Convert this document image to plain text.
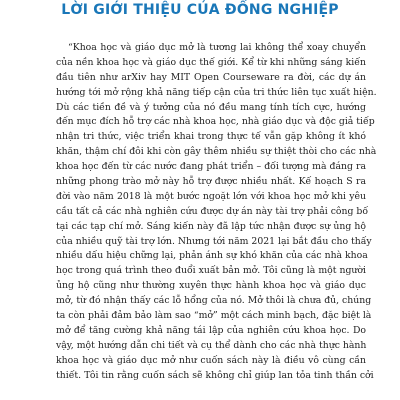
LỜI GIỚI THIỆU CỦA ĐỒNG NGHIỆP
“Khoa học và giáo dục mở là tương lai không thể xoay chuyển
của nền khoa học và giáo dục thế giới. Kể từ khi những sáng kiến
đầu tiên như arXiv hay MIT Open Courseware ra đời, các dự án
hướng tới mở rộng khả năng tiếp cận của tri thức liên tục xuất hiện.
Dù các tiền đề và ý tưởng của nó đều mang tính tích cực, hướng
đến mục đích hỗ trợ các nhà khoa học, nhà giáo dục và độc giả tiếp
nhận tri thức, việc triển khai trong thực tế vẫn gặp không ít khó
khăn, thậm chí đôi khi còn gây thêm nhiều sự thiệt thòi cho các nhà
khoa học đến từ các nước đang phát triển – đối tượng mà đáng ra
những phong trào mở này hỗ trợ được nhiều nhất. Kế hoạch S ra
đời vào năm 2018 là một bước ngoặt lớn với khoa học mở khi yêu
cầu tất cả các nhà nghiên cứu được dự án này tài trợ phải công bố
tại các tạp chí mở. Sáng kiến này đã lập tức nhận được sự ủng hộ
của nhiều quỹ tài trợ lớn. Nhưng tới năm 2021 lại bắt đầu cho thấy
nhiều dấu hiệu chững lại, phản ánh sự khó khăn của các nhà khoa
học trong quá trình theo đuổi xuất bản mở. Tôi cũng là một người
ủng hộ cũng như thường xuyên thực hành khoa học và giáo dục
mở, từ đó nhận thấy các lỗ hổng của nó. Mở thôi là chưa đủ, chúng
ta còn phải đảm bảo làm sao “mở” một cách minh bạch, đặc biệt là
mở để tăng cường khả năng tái lập của nghiên cứu khoa học. Do
vậy, một hướng dẫn chi tiết và cụ thể dành cho các nhà thực hành
khoa học và giáo dục mở như cuốn sách này là điều vô cùng cần
thiết. Tôi tin rằng cuốn sách sẽ không chỉ giúp lan tỏa tinh thần cởi
